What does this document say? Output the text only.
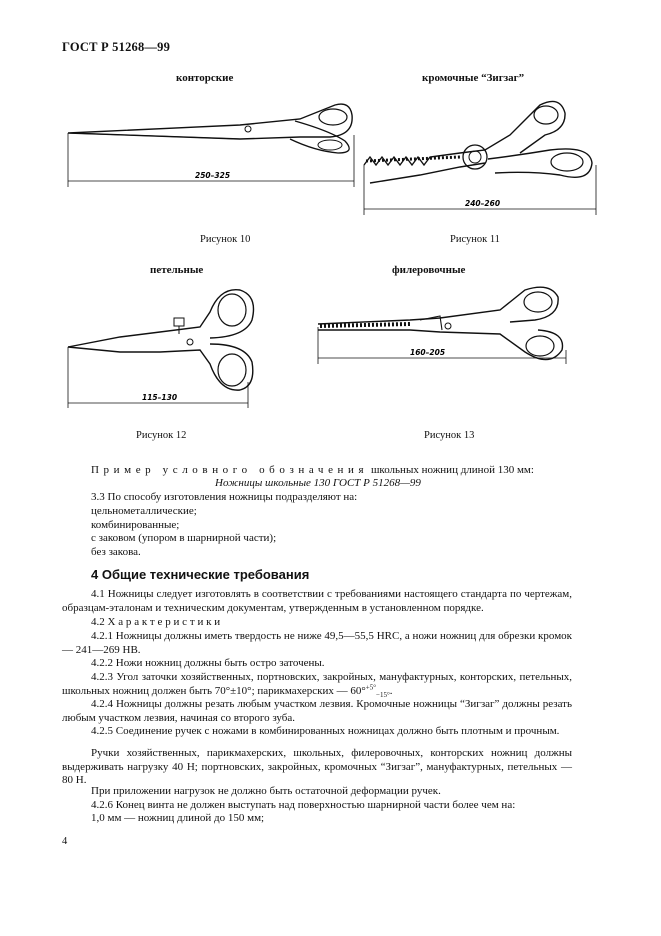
ГОСТ Р 51268—99
конторские
250–325
Рисунок 10
кромочные “Зигзаг”
240–260
Рисунок 11
петельные
115–130
Рисунок 12
филеровочные
160–205
Рисунок 13
Пример условного обозначения школьных ножниц длиной 130 мм:
Ножницы школьные 130 ГОСТ Р 51268—99
3.3 По способу изготовления ножницы подразделяют на:
цельнометаллические;
комбинированные;
с заковом (упором в шарнирной части);
без закова.
4 Общие технические требования
4.1 Ножницы следует изготовлять в соответствии с требованиями настоящего стандарта по чертежам, образцам-эталонам и техническим документам, утвержденным в установленном порядке.
4.2 Характеристики
4.2.1 Ножницы должны иметь твердость не ниже 49,5—55,5 HRC, а ножи ножниц для обрезки кромок — 241—269 НВ.
4.2.2 Ножи ножниц должны быть остро заточены.
4.2.3 Угол заточки хозяйственных, портновских, закройных, мануфактурных, конторских, петельных, школьных ножниц должен быть 70°±10°; парикмахерских — 60°$^{+5^\circ}_{-15^\circ}$.
4.2.4 Ножницы должны резать любым участком лезвия. Кромочные ножницы “Зигзаг” должны резать любым участком лезвия, начиная со второго зуба.
4.2.5 Соединение ручек с ножами в комбинированных ножницах должно быть плотным и прочным.
Ручки хозяйственных, парикмахерских, школьных, филеровочных, конторских ножниц должны выдерживать нагрузку 40 Н; портновских, закройных, кромочных “Зигзаг”, мануфактурных, петельных — 80 Н.
При приложении нагрузок не должно быть остаточной деформации ручек.
4.2.6 Конец винта не должен выступать над поверхностью шарнирной части более чем на:
1,0 мм — ножниц длиной до 150 мм;
4
